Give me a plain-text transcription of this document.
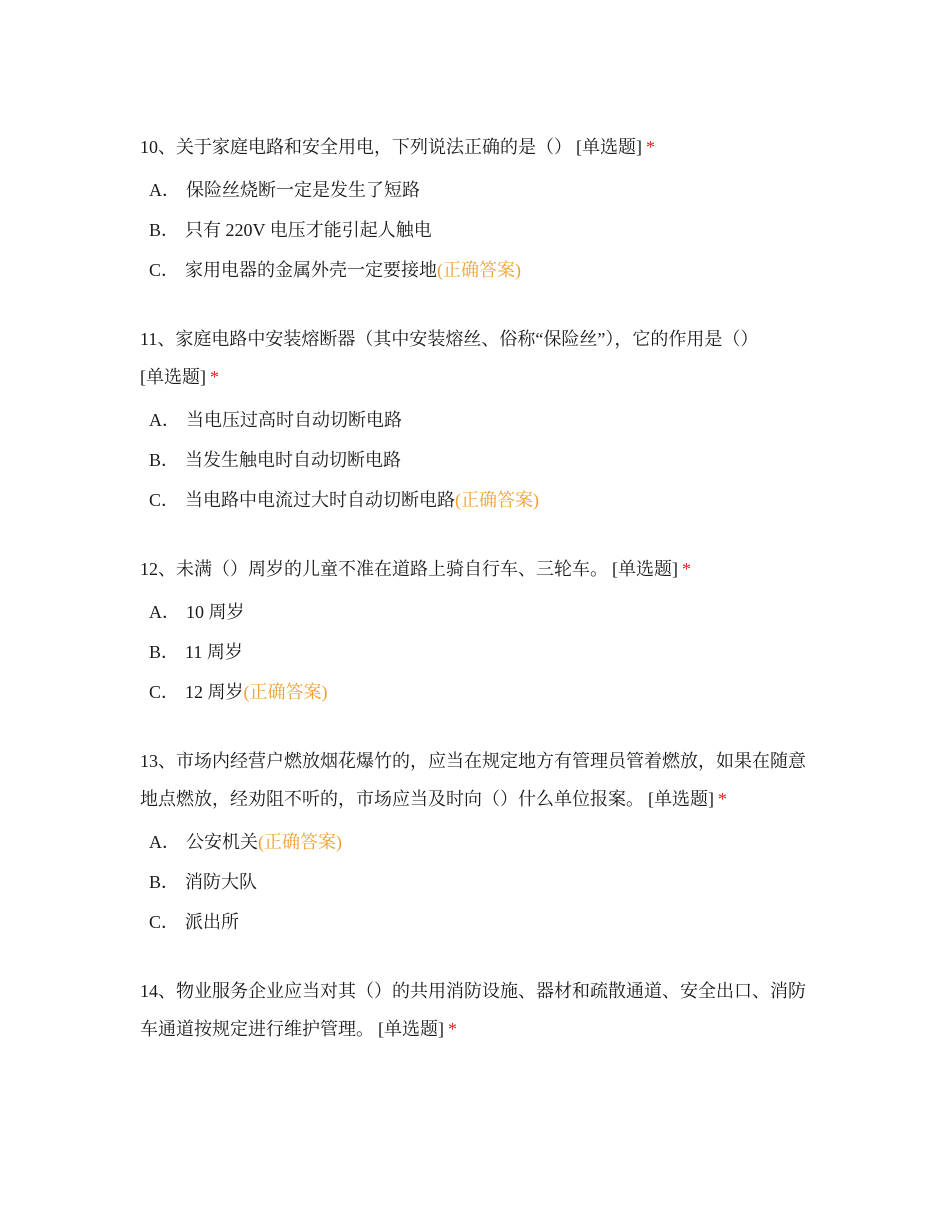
10、关于家庭电路和安全用电，下列说法正确的是（） [单选题] *
A． 保险丝烧断一定是发生了短路
B． 只有 220V 电压才能引起人触电
C． 家用电器的金属外壳一定要接地(正确答案)
11、家庭电路中安装熔断器（其中安装熔丝、俗称“保险丝”），它的作用是（）
[单选题] *
A． 当电压过高时自动切断电路
B． 当发生触电时自动切断电路
C． 当电路中电流过大时自动切断电路(正确答案)
12、未满（）周岁的儿童不准在道路上骑自行车、三轮车。 [单选题] *
A． 10 周岁
B． 11 周岁
C． 12 周岁(正确答案)
13、市场内经营户燃放烟花爆竹的，应当在规定地方有管理员管着燃放，如果在随意地点燃放，经劝阻不听的，市场应当及时向（）什么单位报案。 [单选题] *
A． 公安机关(正确答案)
B． 消防大队
C． 派出所
14、物业服务企业应当对其（）的共用消防设施、器材和疏散通道、安全出口、消防车通道按规定进行维护管理。 [单选题] *
